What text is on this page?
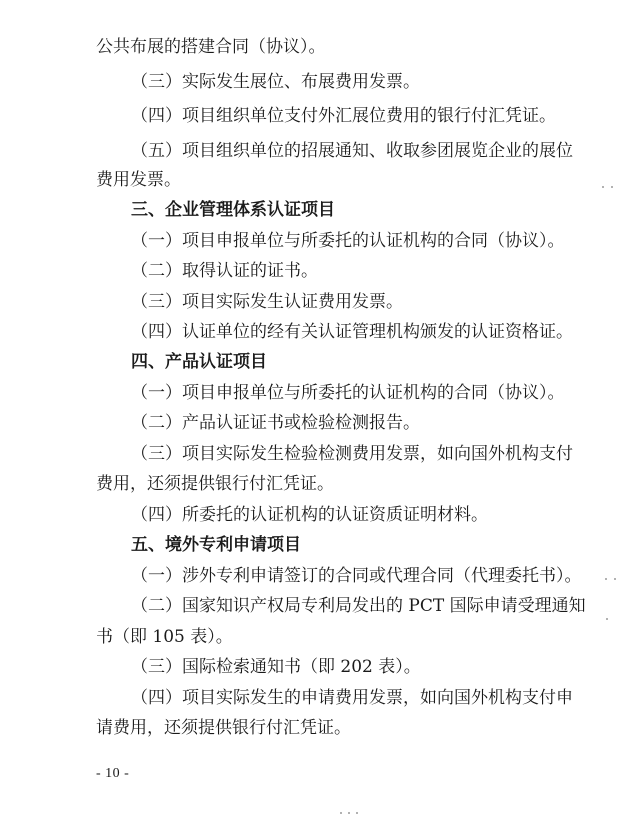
公共布展的搭建合同（协议）。
（三）实际发生展位、布展费用发票。
（四）项目组织单位支付外汇展位费用的银行付汇凭证。
（五）项目组织单位的招展通知、收取参团展览企业的展位
费用发票。
三、企业管理体系认证项目
（一）项目申报单位与所委托的认证机构的合同（协议）。
（二）取得认证的证书。
（三）项目实际发生认证费用发票。
（四）认证单位的经有关认证管理机构颁发的认证资格证。
四、产品认证项目
（一）项目申报单位与所委托的认证机构的合同（协议）。
（二）产品认证证书或检验检测报告。
（三）项目实际发生检验检测费用发票，如向国外机构支付
费用，还须提供银行付汇凭证。
（四）所委托的认证机构的认证资质证明材料。
五、境外专利申请项目
（一）涉外专利申请签订的合同或代理合同（代理委托书）。
（二）国家知识产权局专利局发出的 PCT 国际申请受理通知
书（即 105 表）。
（三）国际检索通知书（即 202 表）。
（四）项目实际发生的申请费用发票，如向国外机构支付申
请费用，还须提供银行付汇凭证。
- 10 -
